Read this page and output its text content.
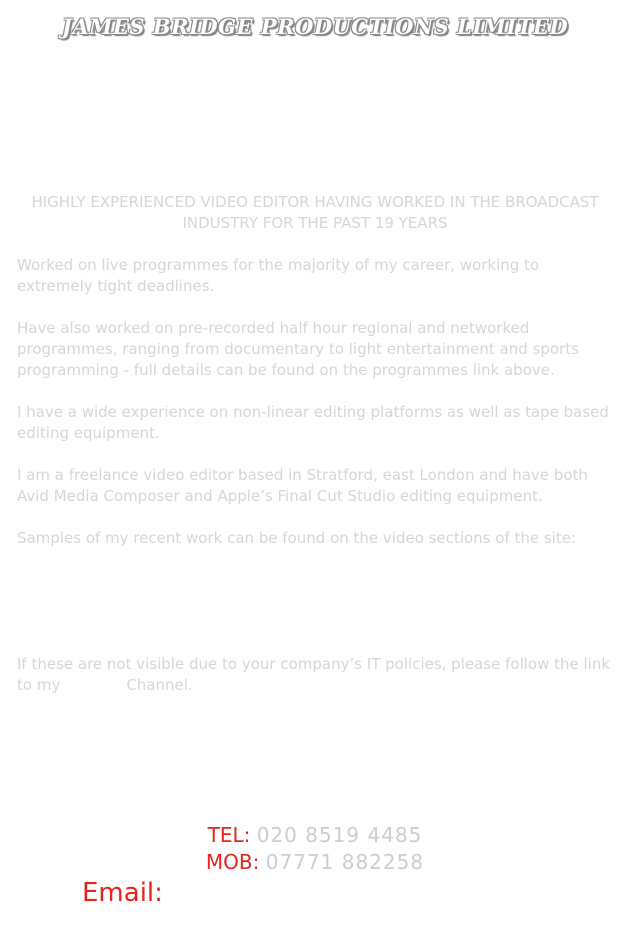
JAMES BRIDGE PRODUCTIONS LIMITED
HIGHLY EXPERIENCED VIDEO EDITOR HAVING WORKED IN THE BROADCAST INDUSTRY FOR THE PAST 19 YEARS
Worked on live programmes for the majority of my career, working to extremely tight deadlines.
Have also worked on pre-recorded half hour regional and networked programmes, ranging from documentary to light entertainment and sports programming - full details can be found on the programmes link above.
I have a wide experience on non-linear editing platforms as well as tape based editing equipment.
I am a freelance video editor based in Stratford, east London and have both Avid Media Composer and Apple’s Final Cut Studio editing equipment.
Samples of my recent work can be found on the video sections of the site:
If these are not visible due to your company’s IT policies, please follow the link to my	Channel.
TEL: 020 8519 4485
MOB: 07771 882258
Email:
